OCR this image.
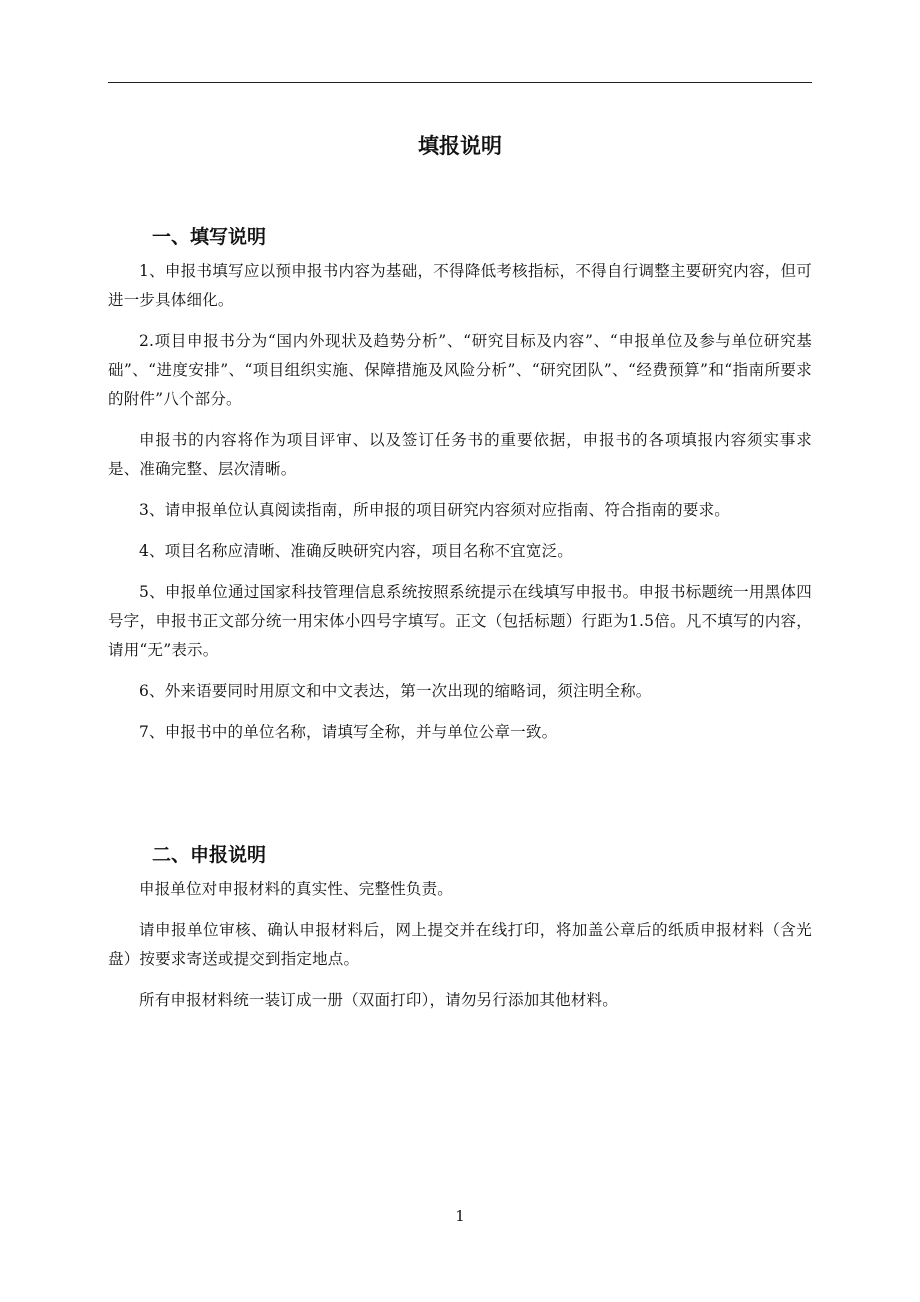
填报说明
一、填写说明

1、申报书填写应以预申报书内容为基础，不得降低考核指标，不得自行调整主要研究内容，但可进一步具体细化。

2.项目申报书分为“国内外现状及趋势分析”、“研究目标及内容”、“申报单位及参与单位研究基础”、“进度安排”、“项目组织实施、保障措施及风险分析”、“研究团队”、“经费预算”和“指南所要求的附件”八个部分。

申报书的内容将作为项目评审、以及签订任务书的重要依据，申报书的各项填报内容须实事求是、准确完整、层次清晰。

3、请申报单位认真阅读指南，所申报的项目研究内容须对应指南、符合指南的要求。

4、项目名称应清晰、准确反映研究内容，项目名称不宜宽泛。

5、申报单位通过国家科技管理信息系统按照系统提示在线填写申报书。申报书标题统一用黑体四号字，申报书正文部分统一用宋体小四号字填写。正文（包括标题）行距为1.5倍。凡不填写的内容，请用“无”表示。

6、外来语要同时用原文和中文表达，第一次出现的缩略词，须注明全称。

7、申报书中的单位名称，请填写全称，并与单位公章一致。

二、申报说明

申报单位对申报材料的真实性、完整性负责。

请申报单位审核、确认申报材料后，网上提交并在线打印，将加盖公章后的纸质申报材料（含光盘）按要求寄送或提交到指定地点。

所有申报材料统一装订成一册（双面打印），请勿另行添加其他材料。

1
